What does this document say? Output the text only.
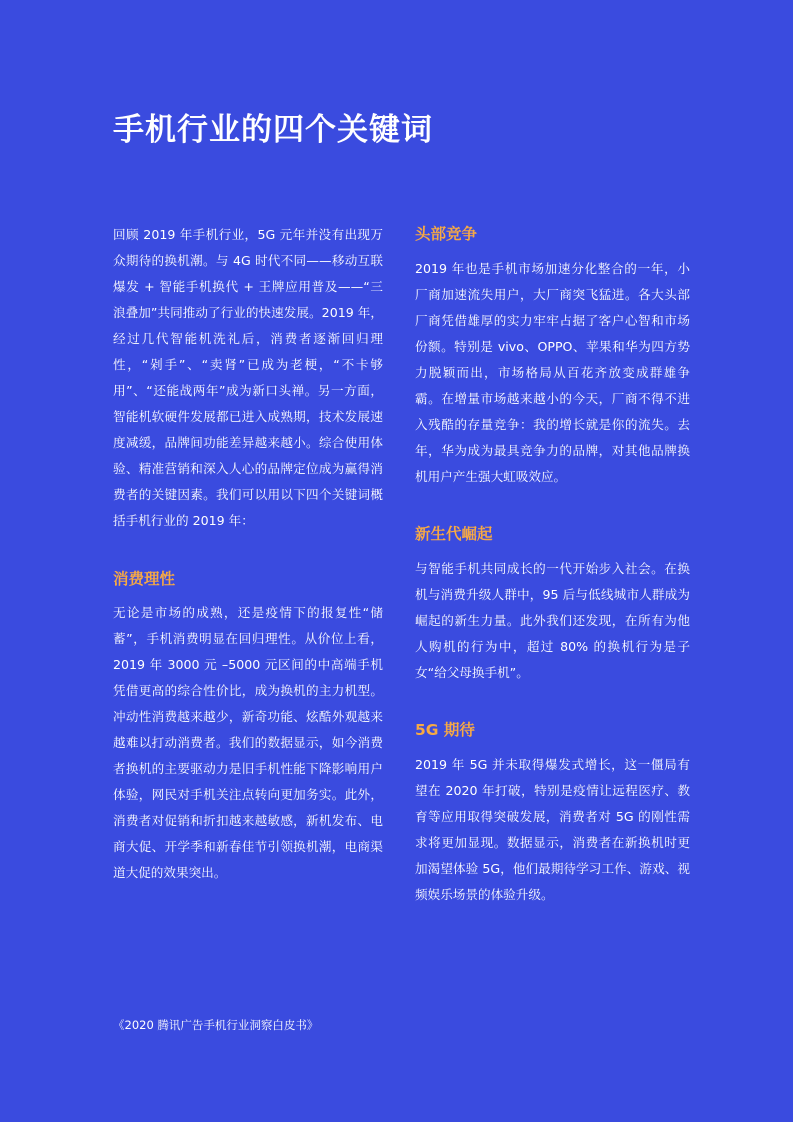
手机行业的四个关键词

回顾 2019 年手机行业，5G 元年并没有出现万众期待的换机潮。与 4G 时代不同——移动互联爆发 + 智能手机换代 + 王牌应用普及——“三浪叠加”共同推动了行业的快速发展。2019 年，经过几代智能机洗礼后，消费者逐渐回归理性，“剁手”、“卖肾”已成为老梗，“不卡够用”、“还能战两年”成为新口头禅。另一方面，智能机软硬件发展都已进入成熟期，技术发展速度减缓，品牌间功能差异越来越小。综合使用体验、精准营销和深入人心的品牌定位成为赢得消费者的关键因素。我们可以用以下四个关键词概括手机行业的 2019 年：

消费理性

无论是市场的成熟，还是疫情下的报复性“储蓄”，手机消费明显在回归理性。从价位上看，2019 年 3000 元 –5000 元区间的中高端手机凭借更高的综合性价比，成为换机的主力机型。冲动性消费越来越少，新奇功能、炫酷外观越来越难以打动消费者。我们的数据显示，如今消费者换机的主要驱动力是旧手机性能下降影响用户体验，网民对手机关注点转向更加务实。此外，消费者对促销和折扣越来越敏感，新机发布、电商大促、开学季和新春佳节引领换机潮，电商渠道大促的效果突出。

头部竞争

2019 年也是手机市场加速分化整合的一年，小厂商加速流失用户，大厂商突飞猛进。各大头部厂商凭借雄厚的实力牢牢占据了客户心智和市场份额。特别是 vivo、OPPO、苹果和华为四方势力脱颖而出，市场格局从百花齐放变成群雄争霸。在增量市场越来越小的今天，厂商不得不进入残酷的存量竞争：我的增长就是你的流失。去年，华为成为最具竞争力的品牌，对其他品牌换机用户产生强大虹吸效应。

新生代崛起

与智能手机共同成长的一代开始步入社会。在换机与消费升级人群中，95 后与低线城市人群成为崛起的新生力量。此外我们还发现，在所有为他人购机的行为中，超过 80% 的换机行为是子女“给父母换手机”。

5G 期待

2019 年 5G 并未取得爆发式增长，这一僵局有望在 2020 年打破，特别是疫情让远程医疗、教育等应用取得突破发展，消费者对 5G 的刚性需求将更加显现。数据显示，消费者在新换机时更加渴望体验 5G，他们最期待学习工作、游戏、视频娱乐场景的体验升级。

《2020 腾讯广告手机行业洞察白皮书》
